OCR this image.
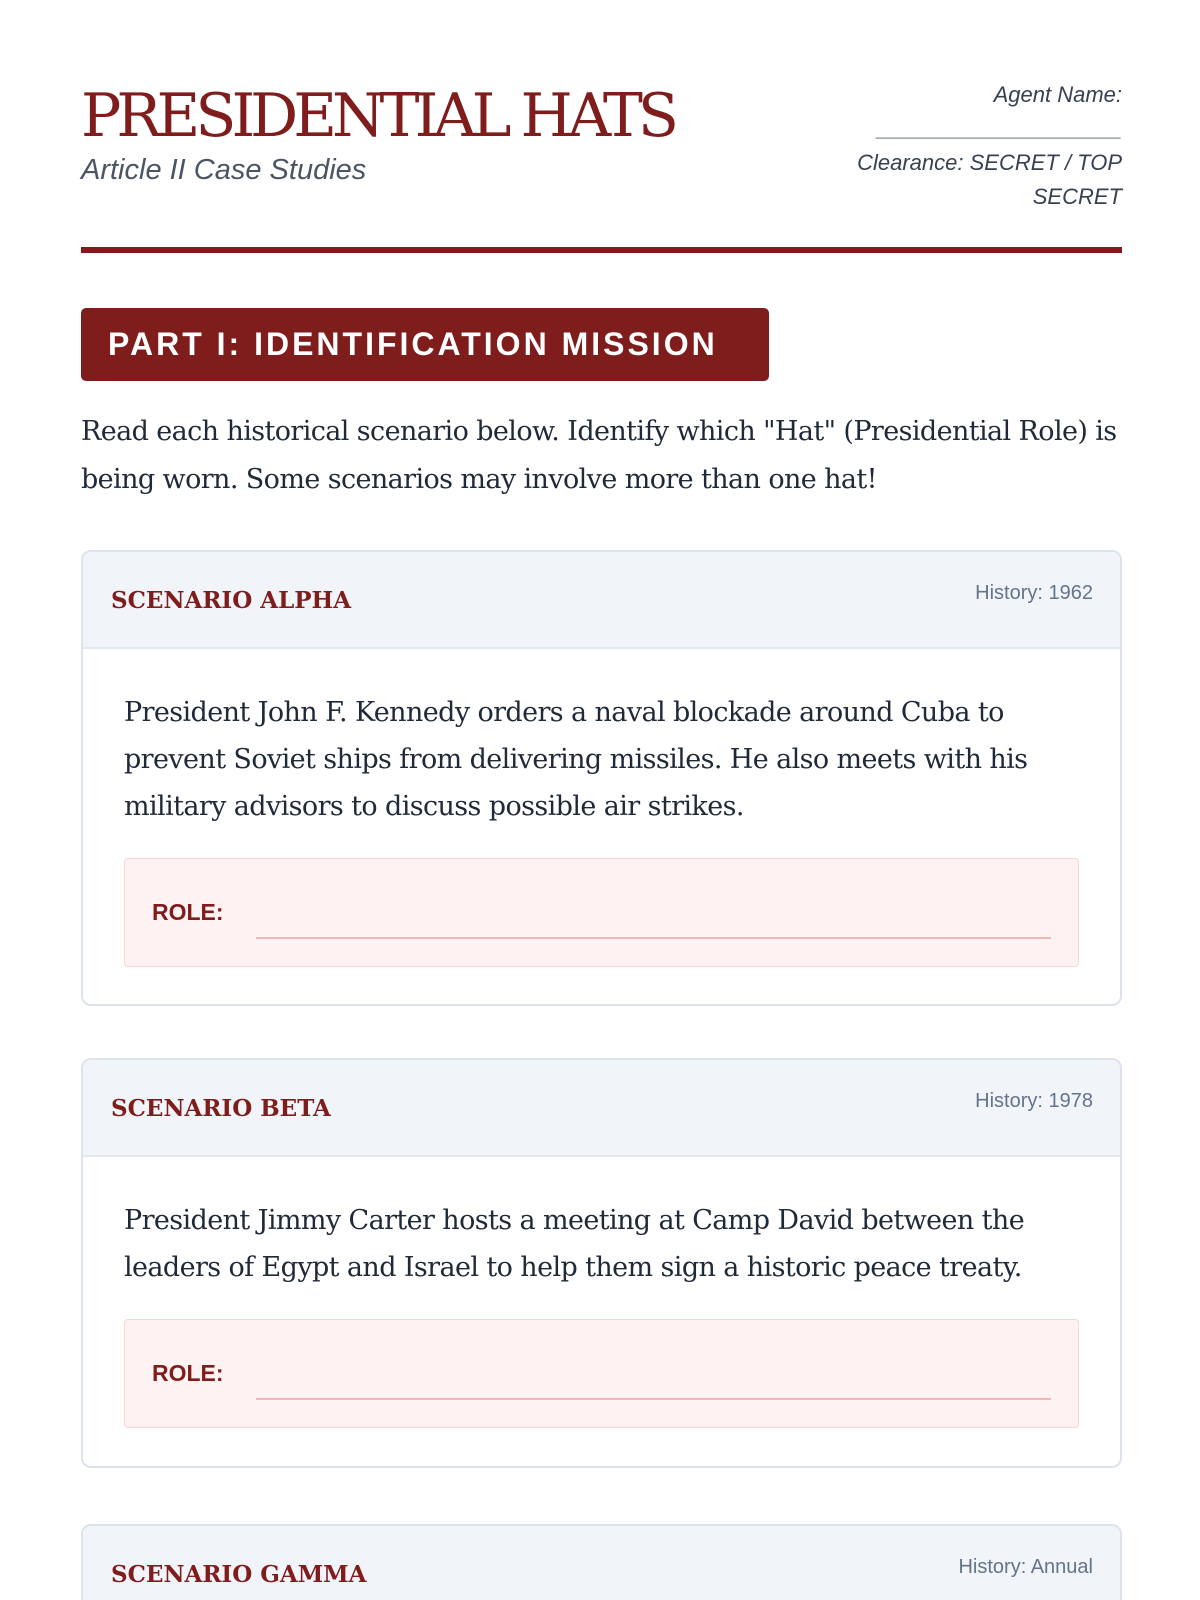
PRESIDENTIAL HATS
Article II Case Studies
Agent Name:
____________________
Clearance: SECRET / TOP SECRET
PART I: IDENTIFICATION MISSION

Read each historical scenario below. Identify which "Hat" (Presidential Role) is being worn. Some scenarios may involve more than one hat!

SCENARIO ALPHA	History: 1962

President John F. Kennedy orders a naval blockade around Cuba to prevent Soviet ships from delivering missiles. He also meets with his military advisors to discuss possible air strikes.

ROLE:
SCENARIO BETA	History: 1978

President Jimmy Carter hosts a meeting at Camp David between the leaders of Egypt and Israel to help them sign a historic peace treaty.

ROLE:
SCENARIO GAMMA	History: Annual
